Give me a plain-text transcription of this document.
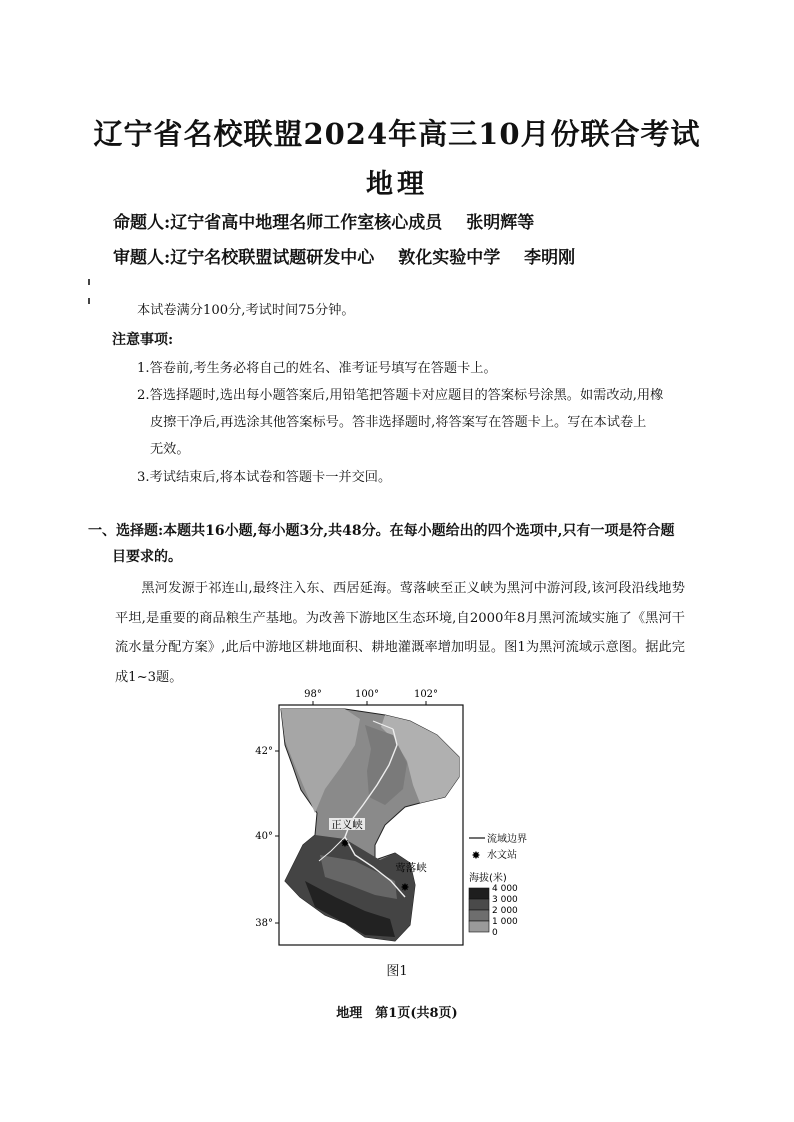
辽宁省名校联盟2024年高三10月份联合考试
地理
命题人:辽宁省高中地理名师工作室核心成员 张明辉等
审题人:辽宁名校联盟试题研发中心 敦化实验中学 李明刚
本试卷满分100分,考试时间75分钟。
注意事项:
1.答卷前,考生务必将自己的姓名、准考证号填写在答题卡上。
2.答选择题时,选出每小题答案后,用铅笔把答题卡对应题目的答案标号涂黑。如需改动,用橡
皮擦干净后,再选涂其他答案标号。答非选择题时,将答案写在答题卡上。写在本试卷上
无效。
3.考试结束后,将本试卷和答题卡一并交回。
一、选择题:本题共16小题,每小题3分,共48分。在每小题给出的四个选项中,只有一项是符合题
目要求的。
黑河发源于祁连山,最终注入东、西居延海。莺落峡至正义峡为黑河中游河段,该河段沿线地势平坦,是重要的商品粮生产基地。为改善下游地区生态环境,自2000年8月黑河流域实施了《黑河干流水量分配方案》,此后中游地区耕地面积、耕地灌溉率增加明显。图1为黑河流域示意图。据此完成1~3题。
98°	100°	102°
42°
40°
38°
✸
✸
正义峡
莺落峡
流域边界
✸ 水文站
海拔(米)
4 000
3 000
2 000
1 000
0
图1
地理　第1页(共8页)
